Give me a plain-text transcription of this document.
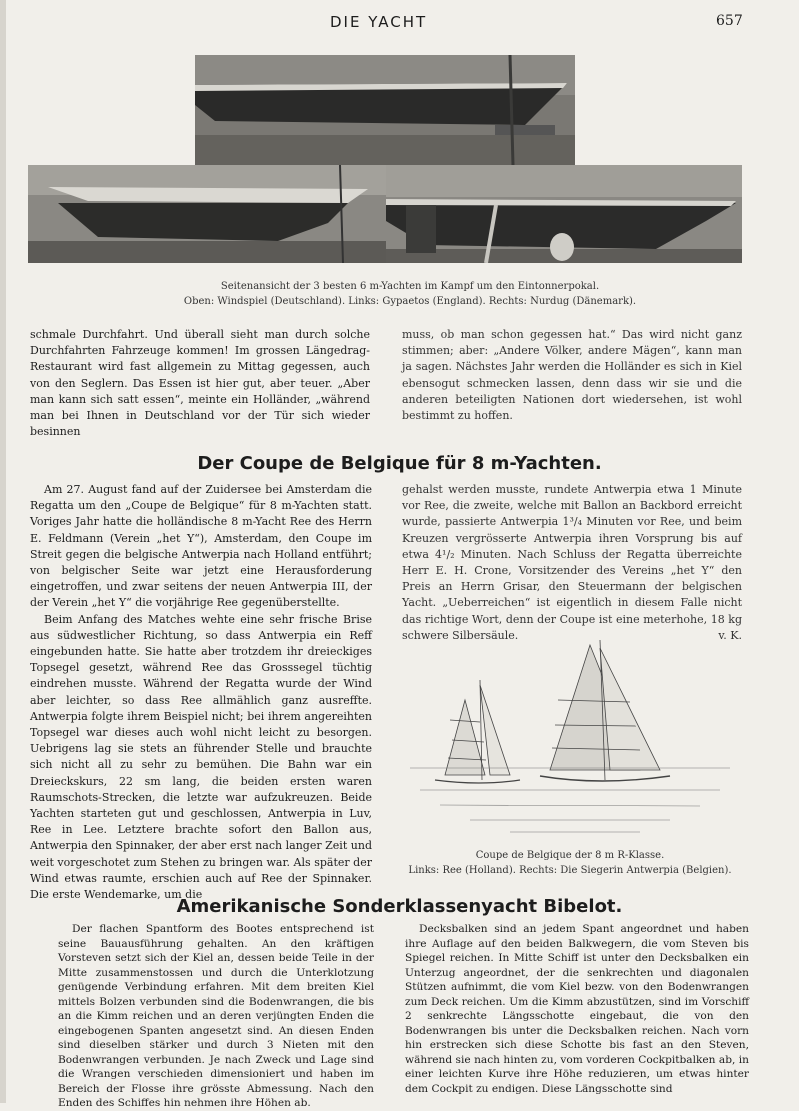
DIE YACHT	657
Seitenansicht der 3 besten 6 m-Yachten im Kampf um den Eintonnerpokal.
Oben: Windspiel (Deutschland). Links: Gypaetos (England). Rechts: Nurdug (Dänemark).

schmale Durchfahrt. Und überall sieht man durch solche Durchfahrten Fahrzeuge kommen! Im grossen Längedrag-Restaurant wird fast allgemein zu Mittag gegessen, auch von den Seglern. Das Essen ist hier gut, aber teuer. „Aber man kann sich satt essen“, meinte ein Holländer, „während man bei Ihnen in Deutschland vor der Tür sich wieder besinnen

muss, ob man schon gegessen hat.“ Das wird nicht ganz stimmen; aber: „Andere Völker, andere Mägen“, kann man ja sagen. Nächstes Jahr werden die Holländer es sich in Kiel ebensogut schmecken lassen, denn dass wir sie und die anderen beteiligten Nationen dort wiedersehen, ist wohl bestimmt zu hoffen.

Der Coupe de Belgique für 8 m-Yachten.

Am 27. August fand auf der Zuidersee bei Amsterdam die Regatta um den „Coupe de Belgique“ für 8 m-Yachten statt. Voriges Jahr hatte die holländische 8 m-Yacht Ree des Herrn E. Feldmann (Verein „het Y“), Amsterdam, den Coupe im Streit gegen die belgische Antwerpia nach Holland entführt; von belgischer Seite war jetzt eine Herausforderung eingetroffen, und zwar seitens der neuen Antwerpia III, der der Verein „het Y“ die vorjährige Ree gegenüberstellte.

Beim Anfang des Matches wehte eine sehr frische Brise aus südwestlicher Richtung, so dass Antwerpia ein Reff eingebunden hatte. Sie hatte aber trotzdem ihr dreieckiges Topsegel gesetzt, während Ree das Grosssegel tüchtig eindrehen musste. Während der Regatta wurde der Wind aber leichter, so dass Ree allmählich ganz ausreffte. Antwerpia folgte ihrem Beispiel nicht; bei ihrem angereihten Topsegel war dieses auch wohl nicht leicht zu besorgen. Uebrigens lag sie stets an führender Stelle und brauchte sich nicht all zu sehr zu bemühen. Die Bahn war ein Dreieckskurs, 22 sm lang, die beiden ersten waren Raumschots-Strecken, die letzte war aufzukreuzen. Beide Yachten starteten gut und geschlossen, Antwerpia in Luv, Ree in Lee. Letztere brachte sofort den Ballon aus, Antwerpia den Spinnaker, der aber erst nach langer Zeit und weit vorgeschotet zum Stehen zu bringen war. Als später der Wind etwas raumte, erschien auch auf Ree der Spinnaker. Die erste Wendemarke, um die

gehalst werden musste, rundete Antwerpia etwa 1 Minute vor Ree, die zweite, welche mit Ballon an Backbord erreicht wurde, passierte Antwerpia 1³/₄ Minuten vor Ree, und beim Kreuzen vergrösserte Antwerpia ihren Vorsprung bis auf etwa 4¹/₂ Minuten. Nach Schluss der Regatta überreichte Herr E. H. Crone, Vorsitzender des Vereins „het Y“ den Preis an Herrn Grisar, den Steuermann der belgischen Yacht. „Ueberreichen“ ist eigentlich in diesem Falle nicht das richtige Wort, denn der Coupe ist eine meterhohe, 18 kg schwere Silbersäule.	v. K.

Coupe de Belgique der 8 m R-Klasse.
Links: Ree (Holland). Rechts: Die Siegerin Antwerpia (Belgien).
Amerikanische Sonderklassenyacht Bibelot.

Der flachen Spantform des Bootes entsprechend ist seine Bauausführung gehalten. An den kräftigen Vorsteven setzt sich der Kiel an, dessen beide Teile in der Mitte zusammenstossen und durch die Unterklotzung genügende Verbindung erfahren. Mit dem breiten Kiel mittels Bolzen verbunden sind die Bodenwrangen, die bis an die Kimm reichen und an deren verjüngten Enden die eingebogenen Spanten angesetzt sind. An diesen Enden sind dieselben stärker und durch 3 Nieten mit den Bodenwrangen verbunden. Je nach Zweck und Lage sind die Wrangen verschieden dimensioniert und haben im Bereich der Flosse ihre grösste Abmessung. Nach den Enden des Schiffes hin nehmen ihre Höhen ab.

Decksbalken sind an jedem Spant angeordnet und haben ihre Auflage auf den beiden Balkwegern, die vom Steven bis Spiegel reichen. In Mitte Schiff ist unter den Decksbalken ein Unterzug angeordnet, der die senkrechten und diagonalen Stützen aufnimmt, die vom Kiel bezw. von den Bodenwrangen zum Deck reichen. Um die Kimm abzustützen, sind im Vorschiff 2 senkrechte Längsschotte eingebaut, die von den Bodenwrangen bis unter die Decksbalken reichen. Nach vorn hin erstrecken sich diese Schotte bis fast an den Steven, während sie nach hinten zu, vom vorderen Cockpitbalken ab, in einer leichten Kurve ihre Höhe reduzieren, um etwas hinter dem Cockpit zu endigen. Diese Längsschotte sind
